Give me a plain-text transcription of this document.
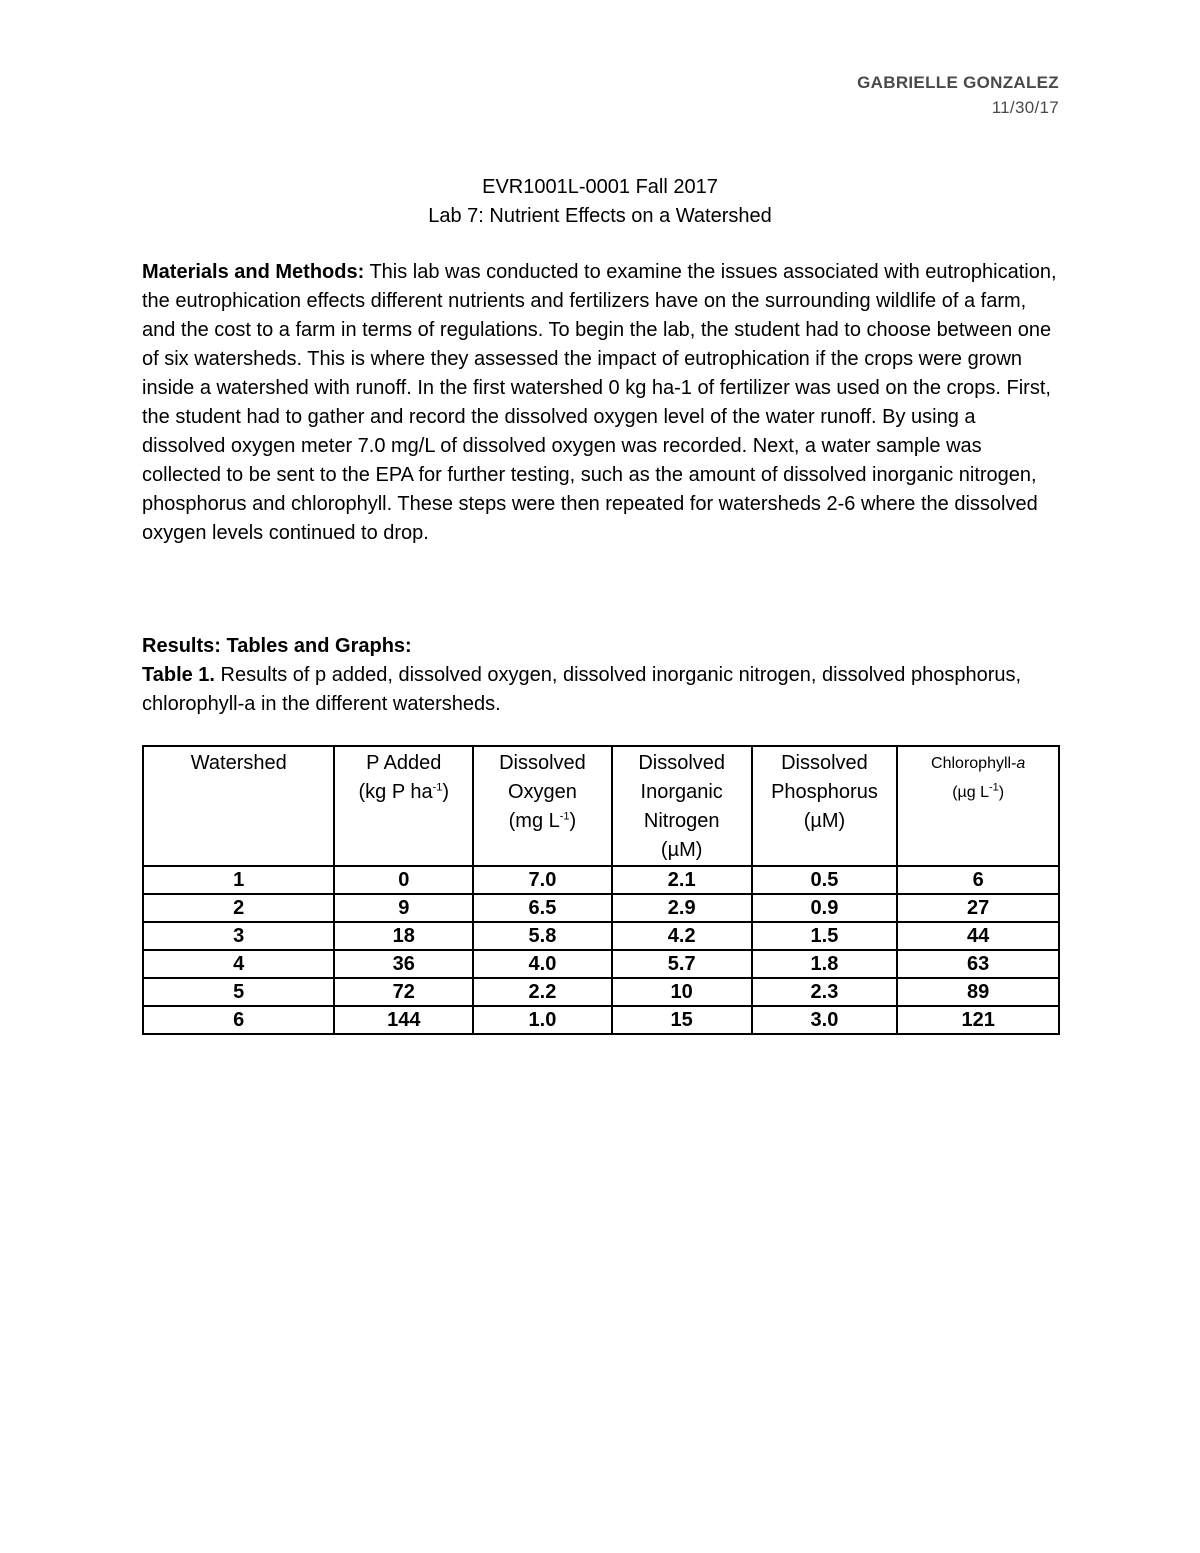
GABRIELLE GONZALEZ
11/30/17
EVR1001L-0001 Fall 2017
Lab 7: Nutrient Effects on a Watershed

Materials and Methods: This lab was conducted to examine the issues associated with eutrophication, the eutrophication effects different nutrients and fertilizers have on the surrounding wildlife of a farm, and the cost to a farm in terms of regulations. To begin the lab, the student had to choose between one of six watersheds. This is where they assessed the impact of eutrophication if the crops were grown inside a watershed with runoff. In the first watershed 0 kg ha-1 of fertilizer was used on the crops. First, the student had to gather and record the dissolved oxygen level of the water runoff. By using a dissolved oxygen meter 7.0 mg/L of dissolved oxygen was recorded. Next, a water sample was collected to be sent to the EPA for further testing, such as the amount of dissolved inorganic nitrogen, phosphorus and chlorophyll. These steps were then repeated for watersheds 2-6 where the dissolved oxygen levels continued to drop.

Results: Tables and Graphs:

Table 1. Results of p added, dissolved oxygen, dissolved inorganic nitrogen, dissolved phosphorus, chlorophyll-a in the different watersheds.

Watershed	P Added
(kg P $ha^{-1}$)	Dissolved
Oxygen
(mg $L^{-1}$)	Dissolved
Inorganic
Nitrogen
(µM)	Dissolved
Phosphorus
(µM)	Chlorophyll-a
(µg $L^{-1}$)

1	0	7.0	2.1	0.5	6
2	9	6.5	2.9	0.9	27
3	18	5.8	4.2	1.5	44
4	36	4.0	5.7	1.8	63
5	72	2.2	10	2.3	89
6	144	1.0	15	3.0	121
